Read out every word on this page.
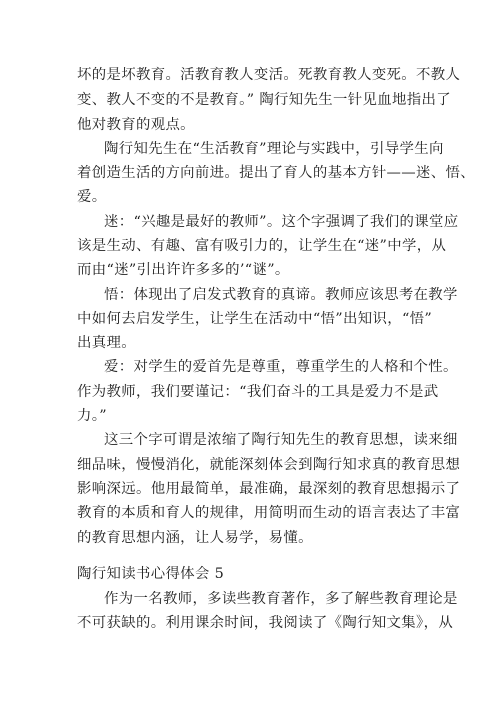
坏的是坏教育。活教育教人变活。死教育教人变死。不教人
变、教人不变的不是教育。” 陶行知先生一针见血地指出了
他对教育的观点。
陶行知先生在“生活教育”理论与实践中，引导学生向
着创造生活的方向前进。提出了育人的基本方针——迷、悟、
爱。
迷：“兴趣是最好的教师”。这个字强调了我们的课堂应
该是生动、有趣、富有吸引力的，让学生在“迷”中学，从
而由“迷”引出许许多多的’“谜”。
悟：体现出了启发式教育的真谛。教师应该思考在教学
中如何去启发学生，让学生在活动中“悟”出知识，“悟”
出真理。
爱：对学生的爱首先是尊重，尊重学生的人格和个性。
作为教师，我们要谨记：“我们奋斗的工具是爱力不是武
力。”
这三个字可谓是浓缩了陶行知先生的教育思想，读来细
细品味，慢慢消化，就能深刻体会到陶行知求真的教育思想
影响深远。他用最简单，最准确，最深刻的教育思想揭示了
教育的本质和育人的规律，用简明而生动的语言表达了丰富
的教育思想内涵，让人易学，易懂。
陶行知读书心得体会 5
作为一名教师，多读些教育著作，多了解些教育理论是
不可获缺的。利用课余时间，我阅读了《陶行知文集》，从
